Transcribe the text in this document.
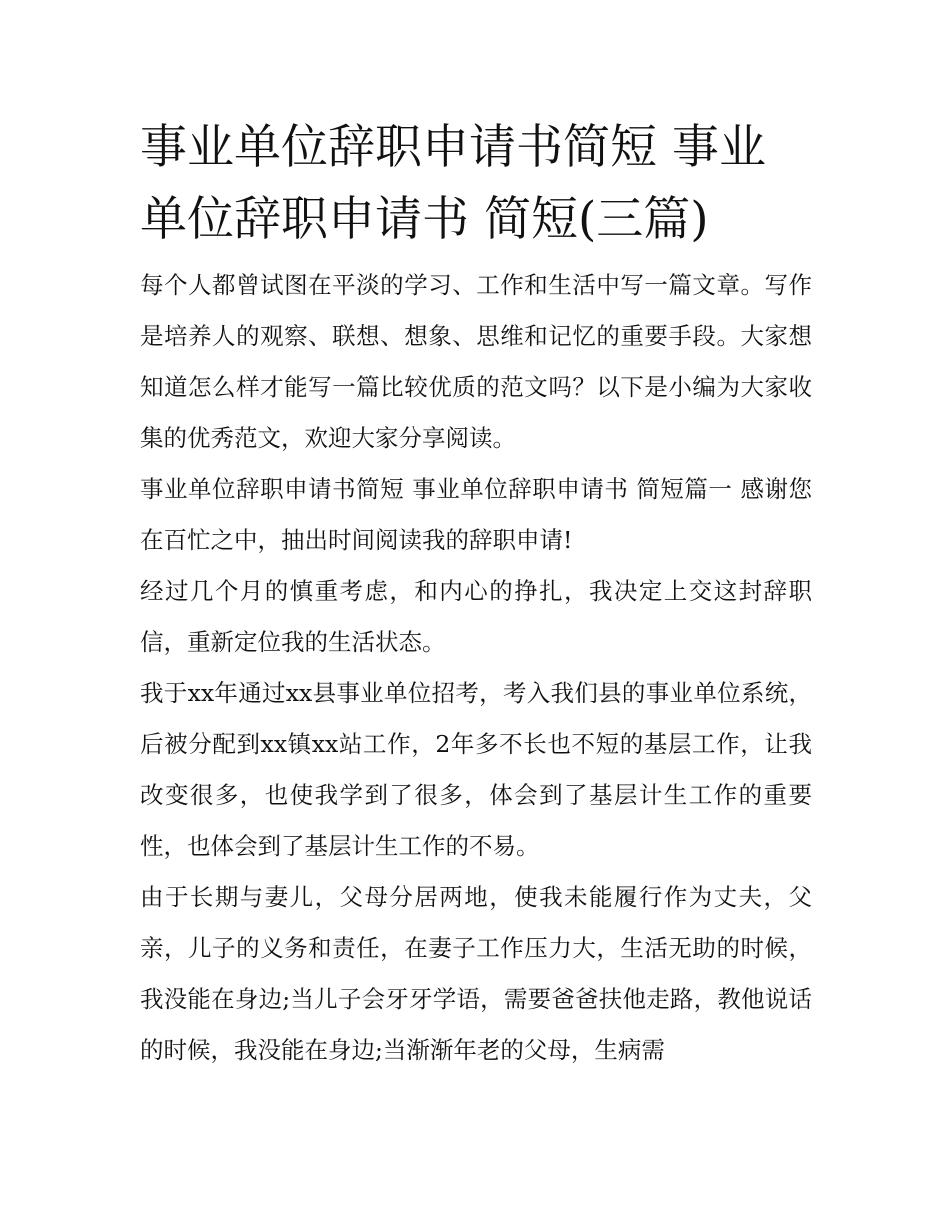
事业单位辞职申请书简短 事业单位辞职申请书 简短(三篇)

每个人都曾试图在平淡的学习、工作和生活中写一篇文章。写作是培养人的观察、联想、想象、思维和记忆的重要手段。大家想知道怎么样才能写一篇比较优质的范文吗？以下是小编为大家收集的优秀范文，欢迎大家分享阅读。

事业单位辞职申请书简短 事业单位辞职申请书 简短篇一 感谢您在百忙之中，抽出时间阅读我的辞职申请!

经过几个月的慎重考虑，和内心的挣扎，我决定上交这封辞职信，重新定位我的生活状态。

我于xx年通过xx县事业单位招考，考入我们县的事业单位系统，后被分配到xx镇xx站工作，2年多不长也不短的基层工作，让我改变很多，也使我学到了很多，体会到了基层计生工作的重要性，也体会到了基层计生工作的不易。

由于长期与妻儿，父母分居两地，使我未能履行作为丈夫，父亲，儿子的义务和责任，在妻子工作压力大，生活无助的时候，我没能在身边;当儿子会牙牙学语，需要爸爸扶他走路，教他说话的时候，我没能在身边;当渐渐年老的父母，生病需
